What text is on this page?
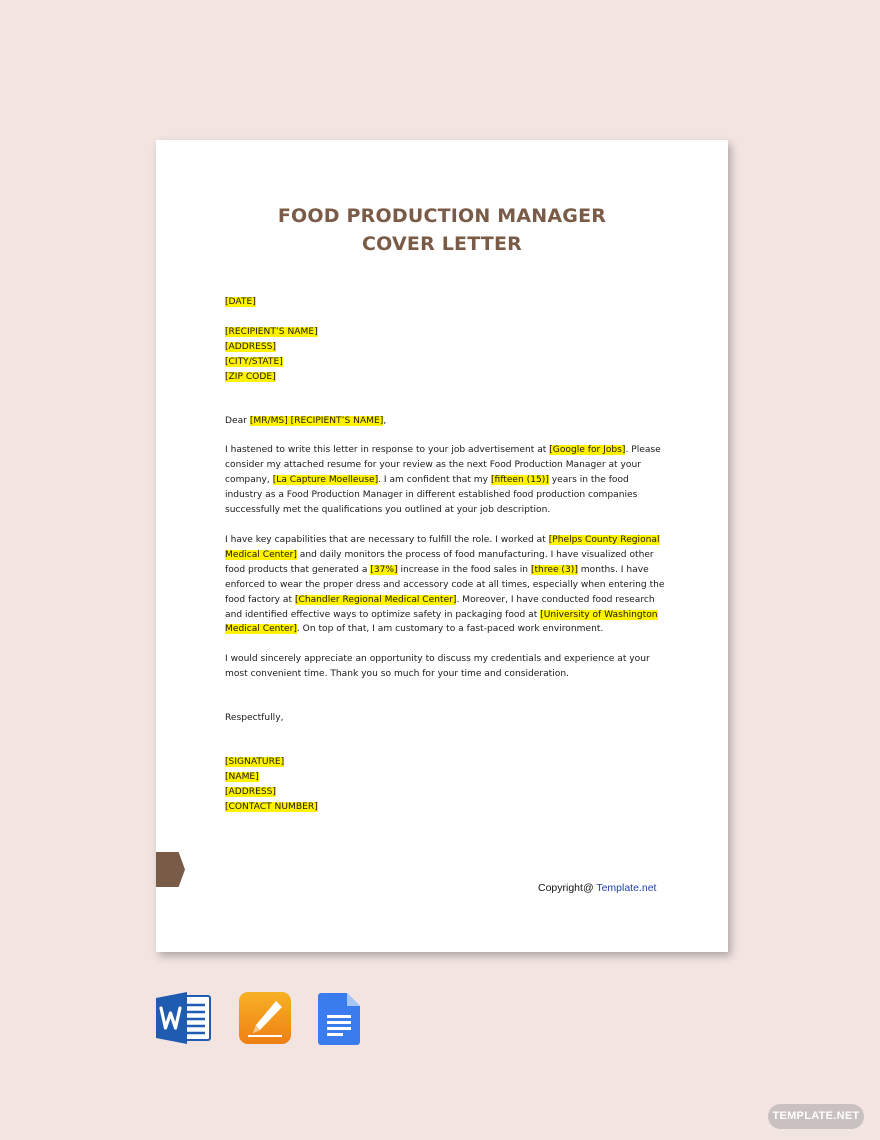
FOOD PRODUCTION MANAGER
COVER LETTER

[DATE]

[RECIPIENT’S NAME]

[ADDRESS]

[CITY/STATE]

[ZIP CODE]

Dear [MR/MS] [RECIPIENT’S NAME],

I hastened to write this letter in response to your job advertisement at [Google for Jobs]. Please consider my attached resume for your review as the next Food Production Manager at your company, [La Capture Moelleuse]. I am confident that my [fifteen (15)] years in the food industry as a Food Production Manager in different established food production companies successfully met the qualifications you outlined at your job description.

I have key capabilities that are necessary to fulfill the role. I worked at [Phelps County Regional Medical Center] and daily monitors the process of food manufacturing. I have visualized other food products that generated a [37%] increase in the food sales in [three (3)] months. I have enforced to wear the proper dress and accessory code at all times, especially when entering the food factory at [Chandler Regional Medical Center]. Moreover, I have conducted food research and identified effective ways to optimize safety in packaging food at [University of Washington Medical Center]. On top of that, I am customary to a fast-paced work environment.

I would sincerely appreciate an opportunity to discuss my credentials and experience at your most convenient time. Thank you so much for your time and consideration.

Respectfully,

[SIGNATURE]

[NAME]

[ADDRESS]

[CONTACT NUMBER]

Copyright@ Template.net
TEMPLATE.NET
